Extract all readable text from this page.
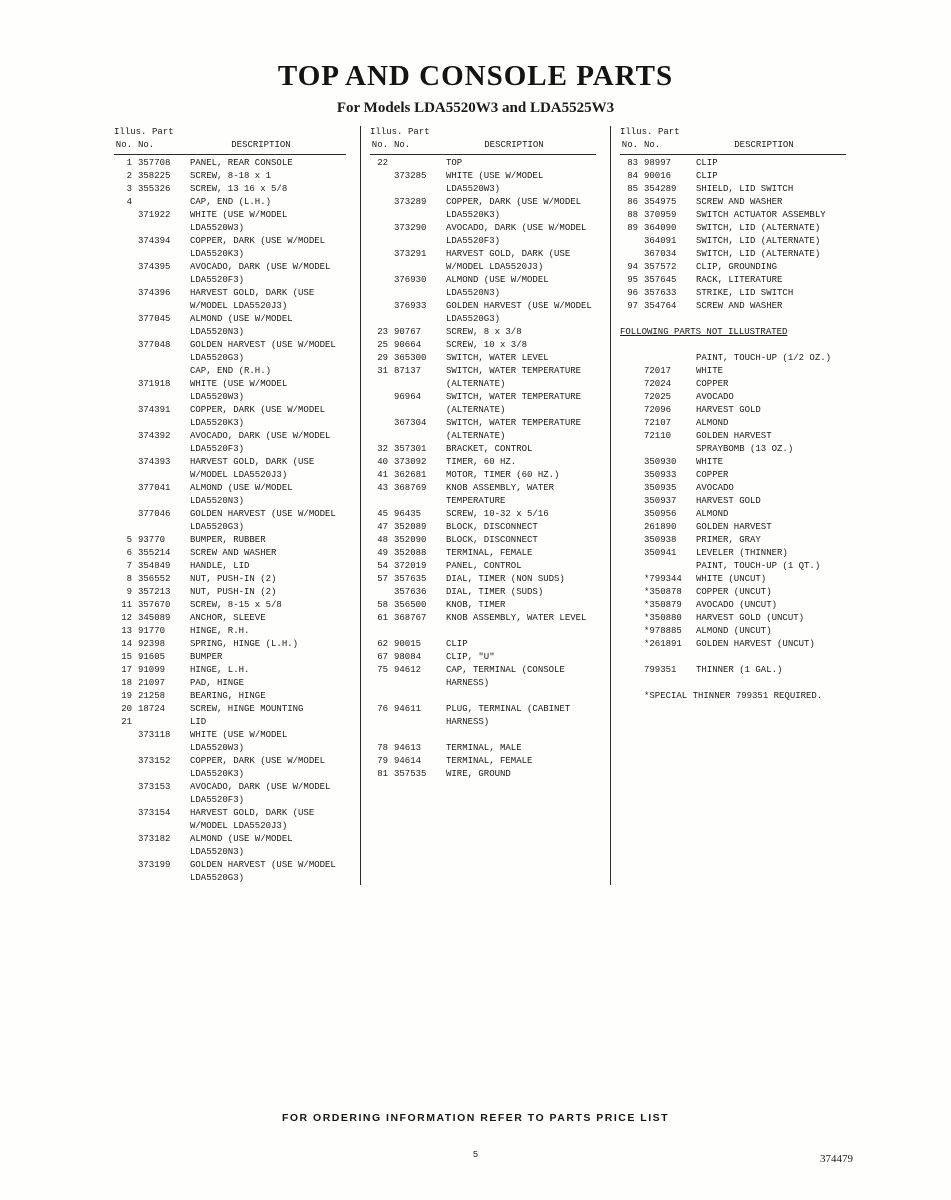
TOP AND CONSOLE PARTS
For Models LDA5520W3 and LDA5525W3
Illus. Part
No. No.	DESCRIPTION
1 357708	PANEL, REAR CONSOLE
2 358225	SCREW, 8-18 x 1
3 355326	SCREW, 13 16 x 5/8
4	CAP, END (L.H.)
371922	WHITE (USE W/MODEL LDA5520W3)
374394	COPPER, DARK (USE W/MODEL LDA5520K3)
374395	AVOCADO, DARK (USE W/MODEL LDA5520F3)
374396	HARVEST GOLD, DARK (USE W/MODEL LDA5520J3)
377045	ALMOND (USE W/MODEL LDA5520N3)
377048	GOLDEN HARVEST (USE W/MODEL LDA5520G3)
CAP, END (R.H.)
371918	WHITE (USE W/MODEL LDA5520W3)
374391	COPPER, DARK (USE W/MODEL LDA5520K3)
374392	AVOCADO, DARK (USE W/MODEL LDA5520F3)
374393	HARVEST GOLD, DARK (USE W/MODEL LDA5520J3)
377041	ALMOND (USE W/MODEL LDA5520N3)
377046	GOLDEN HARVEST (USE W/MODEL LDA5520G3)
5 93770	BUMPER, RUBBER
6 355214	SCREW AND WASHER
7 354849	HANDLE, LID
8 356552	NUT, PUSH-IN (2)
9 357213	NUT, PUSH-IN (2)
11 357670	SCREW, 8-15 x 5/8
12 345089	ANCHOR, SLEEVE
13 91770	HINGE, R.H.
14 92398	SPRING, HINGE (L.H.)
15 91605	BUMPER
17 91099	HINGE, L.H.
18 21097	PAD, HINGE
19 21258	BEARING, HINGE
20 18724	SCREW, HINGE MOUNTING
21	LID
373118	WHITE (USE W/MODEL LDA5520W3)
373152	COPPER, DARK (USE W/MODEL LDA5520K3)
373153	AVOCADO, DARK (USE W/MODEL LDA5520F3)
373154	HARVEST GOLD, DARK (USE W/MODEL LDA5520J3)
373182	ALMOND (USE W/MODEL LDA5520N3)
373199	GOLDEN HARVEST (USE W/MODEL LDA5520G3)
Illus. Part
No. No.	DESCRIPTION
22	TOP
373285	WHITE (USE W/MODEL LDA5520W3)
373289	COPPER, DARK (USE W/MODEL LDA5520K3)
373290	AVOCADO, DARK (USE W/MODEL LDA5520F3)
373291	HARVEST GOLD, DARK (USE W/MODEL LDA5520J3)
376930	ALMOND (USE W/MODEL LDA5520N3)
376933	GOLDEN HARVEST (USE W/MODEL LDA5520G3)
23 90767	SCREW, 8 x 3/8
25 90664	SCREW, 10 x 3/8
29 365300	SWITCH, WATER LEVEL
31 87137	SWITCH, WATER TEMPERATURE (ALTERNATE)
96964	SWITCH, WATER TEMPERATURE (ALTERNATE)
367304	SWITCH, WATER TEMPERATURE (ALTERNATE)
32 357301	BRACKET, CONTROL
40 373092	TIMER, 60 HZ.
41 362681	MOTOR, TIMER (60 HZ.)
43 368769	KNOB ASSEMBLY, WATER TEMPERATURE
45 96435	SCREW, 10-32 x 5/16
47 352089	BLOCK, DISCONNECT
48 352090	BLOCK, DISCONNECT
49 352088	TERMINAL, FEMALE
54 372019	PANEL, CONTROL
57 357635	DIAL, TIMER (NON SUDS)
357636	DIAL, TIMER (SUDS)
58 356500	KNOB, TIMER
61 368767	KNOB ASSEMBLY, WATER LEVEL
62 90015	CLIP
67 98084	CLIP, "U"
75 94612	CAP, TERMINAL (CONSOLE HARNESS)
76 94611	PLUG, TERMINAL (CABINET HARNESS)
78 94613	TERMINAL, MALE
79 94614	TERMINAL, FEMALE
81 357535	WIRE, GROUND
Illus. Part
No. No.	DESCRIPTION
83 98997	CLIP
84 90016	CLIP
85 354289	SHIELD, LID SWITCH
86 354975	SCREW AND WASHER
88 370959	SWITCH ACTUATOR ASSEMBLY
89 364090	SWITCH, LID (ALTERNATE)
364091	SWITCH, LID (ALTERNATE)
367034	SWITCH, LID (ALTERNATE)
94 357572	CLIP, GROUNDING
95 357645	RACK, LITERATURE
96 357633	STRIKE, LID SWITCH
97 354764	SCREW AND WASHER
FOLLOWING PARTS NOT ILLUSTRATED
PAINT, TOUCH-UP (1/2 OZ.)
72017	WHITE
72024	COPPER
72025	AVOCADO
72096	HARVEST GOLD
72107	ALMOND
72110	GOLDEN HARVEST
SPRAYBOMB (13 OZ.)
350930	WHITE
350933	COPPER
350935	AVOCADO
350937	HARVEST GOLD
350956	ALMOND
261890	GOLDEN HARVEST
350938	PRIMER, GRAY
350941	LEVELER (THINNER)
PAINT, TOUCH-UP (1 QT.)
*799344	WHITE (UNCUT)
*350878	COPPER (UNCUT)
*350879	AVOCADO (UNCUT)
*350880	HARVEST GOLD (UNCUT)
*978885	ALMOND (UNCUT)
*261891	GOLDEN HARVEST (UNCUT)
799351	THINNER (1 GAL.)
*SPECIAL THINNER 799351 REQUIRED.
FOR ORDERING INFORMATION REFER TO PARTS PRICE LIST
5	374479
